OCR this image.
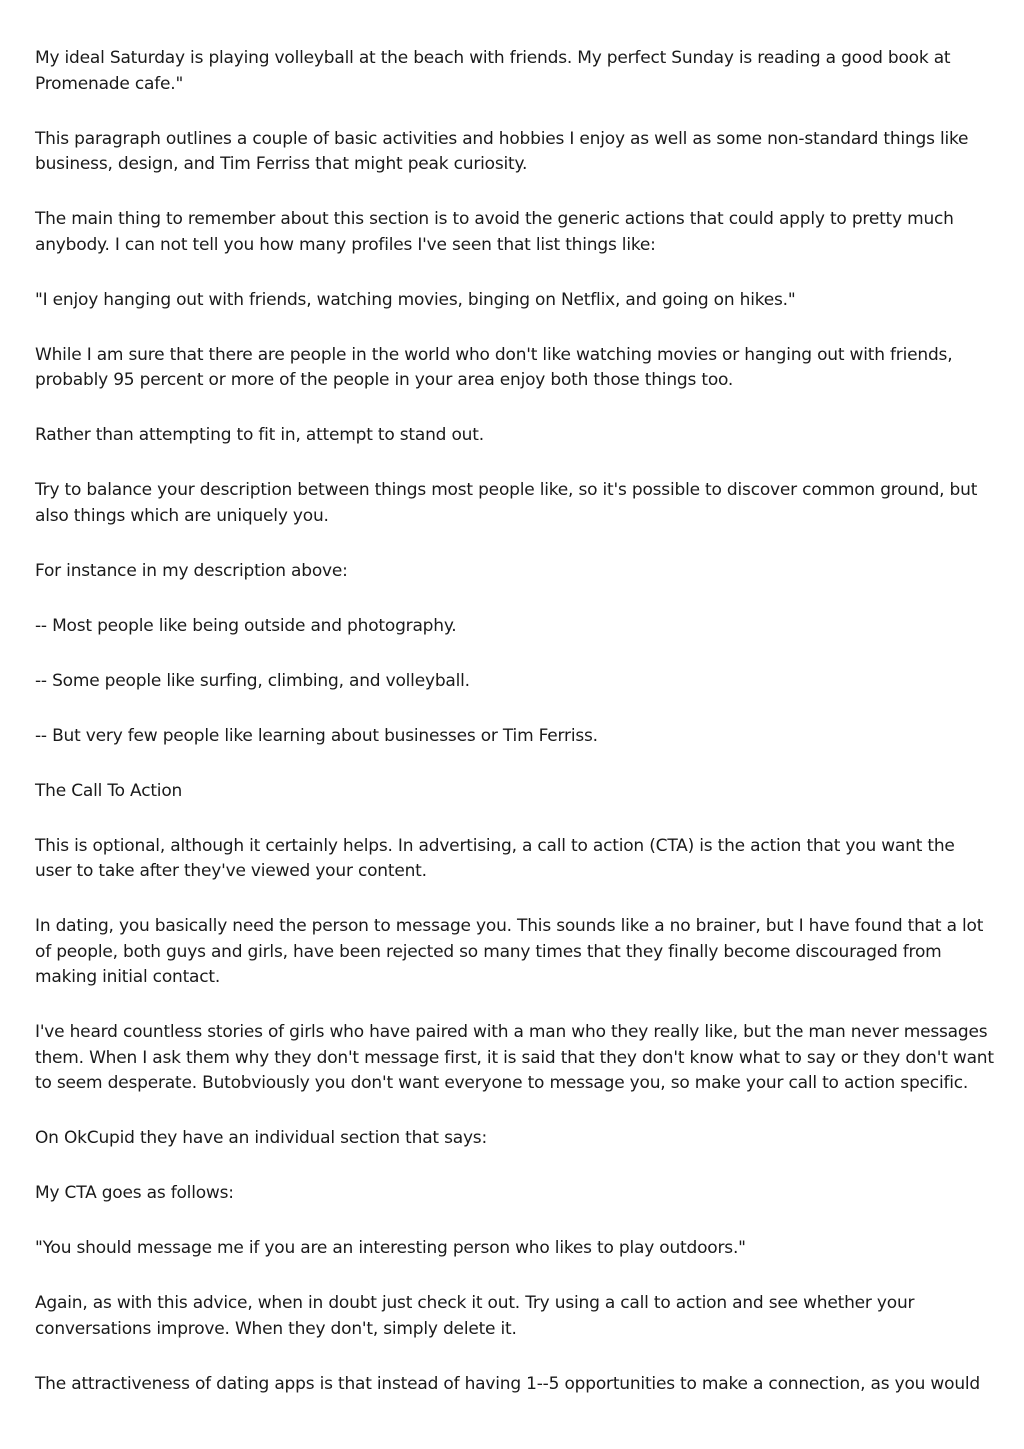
My ideal Saturday is playing volleyball at the beach with friends. My perfect Sunday is reading a good book at Promenade cafe."

This paragraph outlines a couple of basic activities and hobbies I enjoy as well as some non-standard things like business, design, and Tim Ferriss that might peak curiosity.

The main thing to remember about this section is to avoid the generic actions that could apply to pretty much anybody. I can not tell you how many profiles I've seen that list things like:

"I enjoy hanging out with friends, watching movies, binging on Netflix, and going on hikes."

While I am sure that there are people in the world who don't like watching movies or hanging out with friends, probably 95 percent or more of the people in your area enjoy both those things too.

Rather than attempting to fit in, attempt to stand out.

Try to balance your description between things most people like, so it's possible to discover common ground, but also things which are uniquely you.

For instance in my description above:

-- Most people like being outside and photography.

-- Some people like surfing, climbing, and volleyball.

-- But very few people like learning about businesses or Tim Ferriss.

The Call To Action

This is optional, although it certainly helps. In advertising, a call to action (CTA) is the action that you want the user to take after they've viewed your content.

In dating, you basically need the person to message you. This sounds like a no brainer, but I have found that a lot of people, both guys and girls, have been rejected so many times that they finally become discouraged from making initial contact.

I've heard countless stories of girls who have paired with a man who they really like, but the man never messages them. When I ask them why they don't message first, it is said that they don't know what to say or they don't want to seem desperate. Butobviously you don't want everyone to message you, so make your call to action specific.

On OkCupid they have an individual section that says:

My CTA goes as follows:

"You should message me if you are an interesting person who likes to play outdoors."

Again, as with this advice, when in doubt just check it out. Try using a call to action and see whether your conversations improve. When they don't, simply delete it.

The attractiveness of dating apps is that instead of having 1--5 opportunities to make a connection, as you would
